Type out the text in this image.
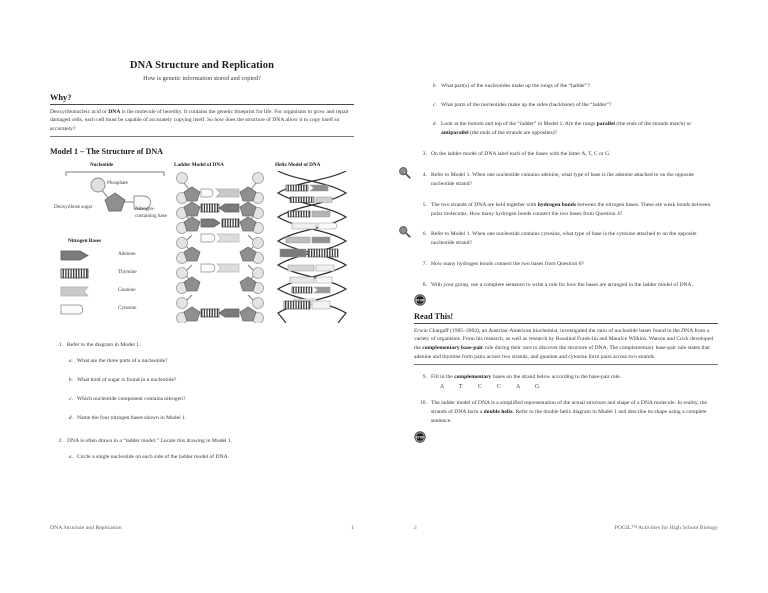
DNA Structure and Replication
How is genetic information stored and copied?
Why?

Deoxyribonucleic acid or DNA is the molecule of heredity. It contains the genetic blueprint for life. For organisms to grow and repair damaged cells, each cell must be capable of accurately copying itself. So how does the structure of DNA allow it to copy itself so accurately?

Model 1 – The Structure of DNA
Nucleotide
Phosphate
Deoxyribose sugar	Nitrogen-containing base
Nitrogen Bases
Adenine
Thymine
Guanine
Cytosine
Ladder Model of DNA	Helix Model of DNA
1. Refer to the diagram in Model 1.
a. What are the three parts of a nucleotide?
b. What kind of sugar is found in a nucleotide?
c. Which nucleotide component contains nitrogen?
d. Name the four nitrogen bases shown in Model 1.
2. DNA is often drawn in a “ladder model.” Locate this drawing in Model 1.
a. Circle a single nucleotide on each side of the ladder model of DNA.
b. What part(s) of the nucleotides make up the rungs of the “ladder”?
c. What parts of the nucleotides make up the sides (backbone) of the “ladder”?
d. Look at the bottom and top of the “ladder” in Model 1. Are the rungs parallel (the ends of the strands match) or antiparallel (the ends of the strands are opposites)?
3. On the ladder model of DNA label each of the bases with the letter A, T, C or G.
4. Refer to Model 1. When one nucleotide contains adenine, what type of base is the adenine attached to on the opposite nucleotide strand?
5. The two strands of DNA are held together with hydrogen bonds between the nitrogen bases. These are weak bonds between polar molecules. How many hydrogen bonds connect the two bases from Question 4?
6. Refer to Model 1. When one nucleotide contains cytosine, what type of base is the cytosine attached to on the opposite nucleotide strand?
7. How many hydrogen bonds connect the two bases from Question 6?
8. With your group, use a complete sentence to write a rule for how the bases are arranged in the ladder model of DNA.
STOP
Read This!

Erwin Chargaff (1905–2002), an Austrian-American biochemist, investigated the ratio of nucleotide bases found in the DNA from a variety of organisms. From his research, as well as research by Rosalind Frank-lin and Maurice Wilkins, Watson and Crick developed the complementary base-pair rule during their race to discover the structure of DNA. The complementary base-pair rule states that adenine and thymine form pairs across two strands, and guanine and cytosine form pairs across two strands.

9. Fill in the complementary bases on the strand below according to the base-pair rule.
A	T	C	C	A	G
10. The ladder model of DNA is a simplified representation of the actual structure and shape of a DNA molecule. In reality, the strands of DNA form a double helix. Refer to the double helix diagram in Model 1 and describe its shape using a complete sentence.
STOP
DNA Structure and Replication	1	2	POGIL™ Activities for High School Biology
